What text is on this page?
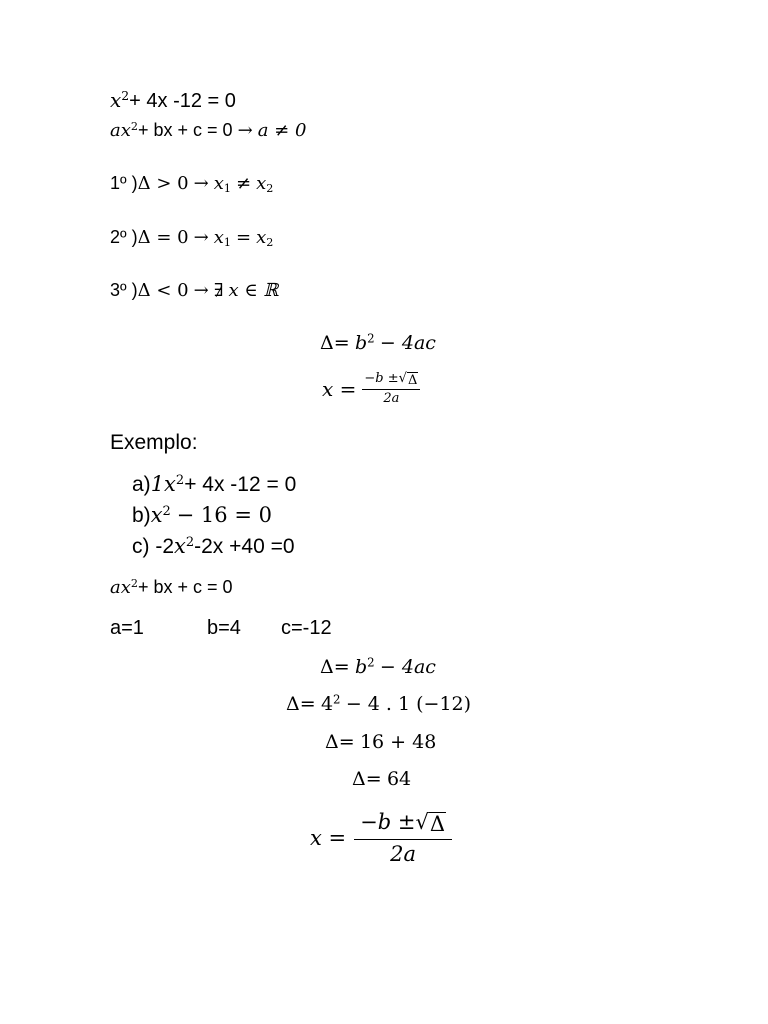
$x^2+ 4x$ -12 = 0
$ax^2+$ bx + c = 0 → a ≠ 0
1º )$\Delta > 0 \to x_1 \ne x_2$
2º )$\Delta = 0 \to x_1 = x_2$
3º )Δ < 0 → ∃ x ∈ ℝ
$\Delta= b^2 - 4ac$
$x = \frac{-b \pm √ \Delta}{2a}$
Exemplo:
$a)1x^2+ 4x$ -12 = 0
$b)x^2 - 16 = 0$
c) $-2x^2-2x +40 =0$
$ax^2+$ bx + c = 0
a=1	b=4 c=-12
$\Delta= b^2 - 4ac$
$\Delta= 4^2 - 4$ . 1 (−12)
Δ= 16 + 48
Δ= 64
$x = \frac{-b \pm √ \Delta}{2a}$
